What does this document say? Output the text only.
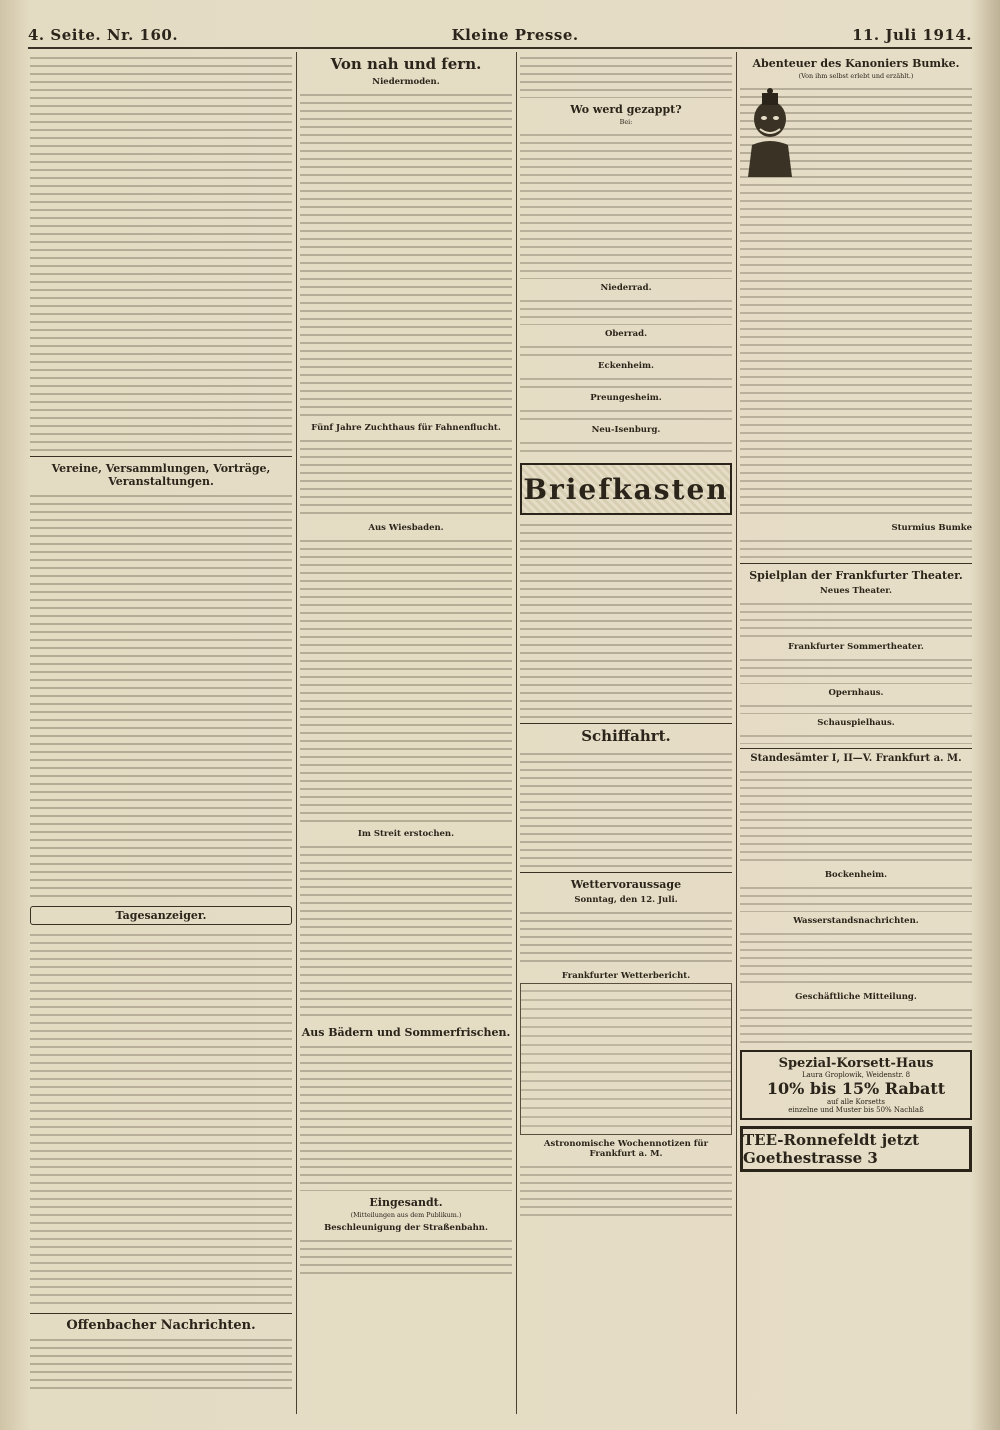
4. Seite. Nr. 160.	Kleine Presse.	11. Juli 1914.
Vereine, Versammlungen, Vorträge, Veranstaltungen.
Tagesanzeiger.
Offenbacher Nachrichten.
Von nah und fern.
Niedermoden.
Fünf Jahre Zuchthaus für Fahnenflucht.
Aus Wiesbaden.
Im Streit erstochen.
Aus Bädern und Sommerfrischen.
Eingesandt.
(Mitteilungen aus dem Publikum.)
Beschleunigung der Straßenbahn.
Wo werd gezappt?
Bei:
Niederrad.
Oberrad.
Eckenheim.
Preungesheim.
Neu-Isenburg.
Briefkasten
Schiffahrt.
Wettervoraussage
Sonntag, den 12. Juli.
Frankfurter Wetterbericht.
Astronomische Wochennotizen für Frankfurt a. M.
Abenteuer des Kanoniers Bumke.
(Von ihm selbst erlebt und erzählt.)
Sturmius Bumke
Spielplan der Frankfurter Theater.
Neues Theater.
Frankfurter Sommertheater.
Opernhaus.
Schauspielhaus.
Standesämter I, II—V. Frankfurt a. M.
Bockenheim.
Wasserstandsnachrichten.
Geschäftliche Mitteilung.
Spezial-Korsett-Haus
Laura Groplowik, Weidenstr. 8
10% bis 15% Rabatt
auf alle Korsetts
einzelne und Muster bis 50% Nachlaß
TEE-Ronnefeldt jetzt Goethestrasse 3
